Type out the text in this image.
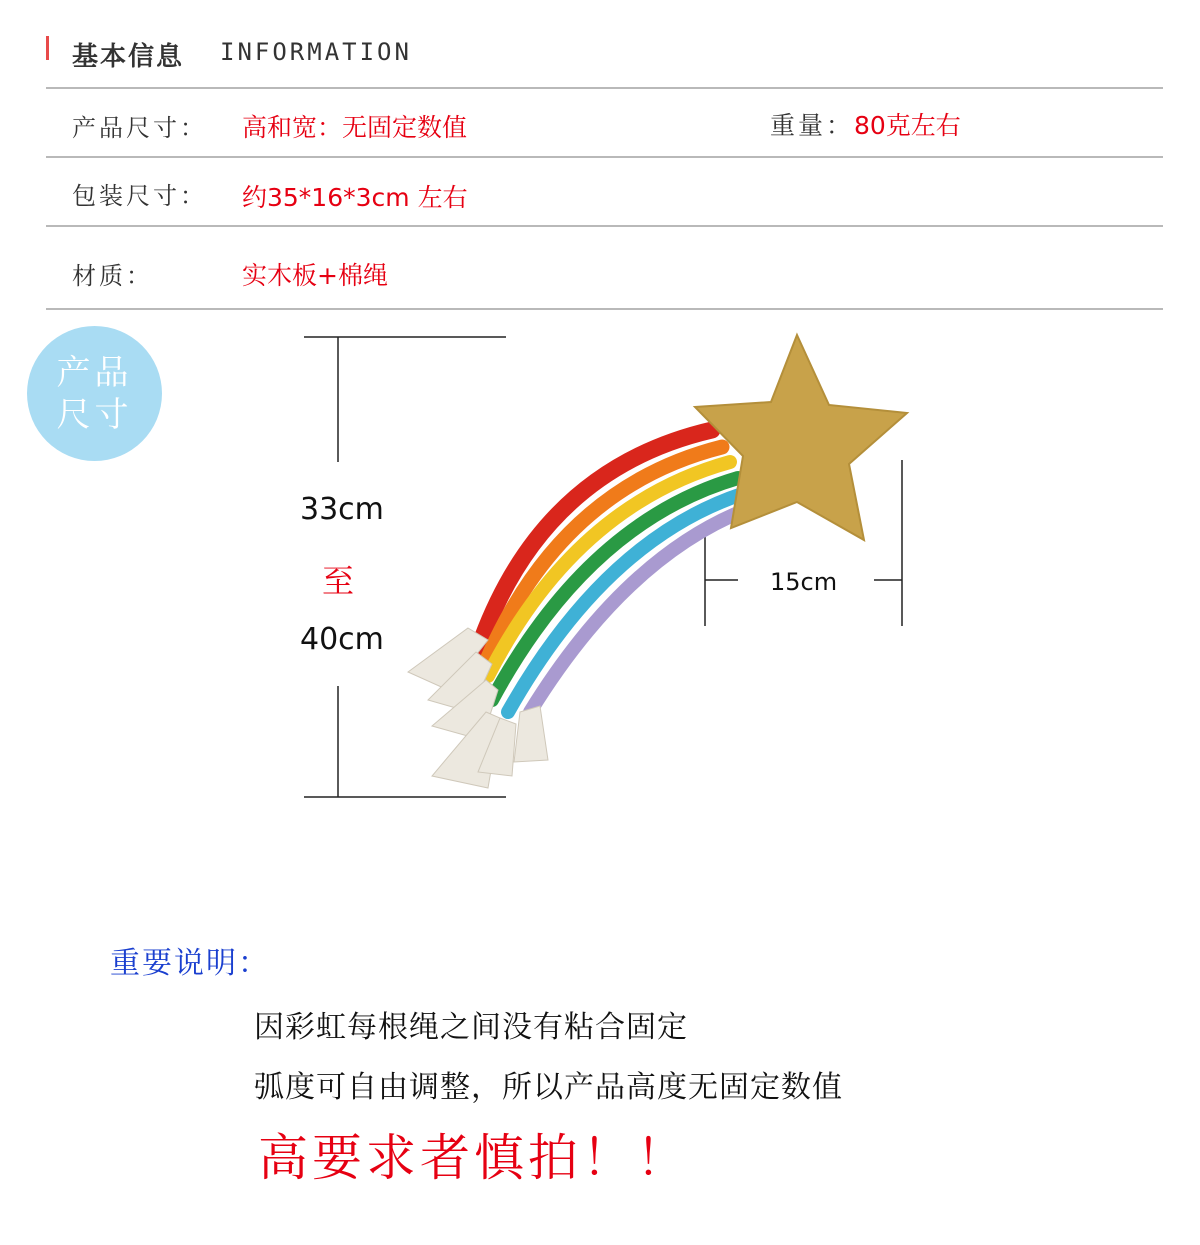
基本信息 INFORMATION
产品尺寸： 高和宽：无固定数值	重量： 80克左右
包装尺寸： 约35*16*3cm 左右
材质：	实木板+棉绳
产品
尺寸
33cm
至
40cm
15cm
重要说明：
因彩虹每根绳之间没有粘合固定
弧度可自由调整，所以产品高度无固定数值
高要求者慎拍！！
